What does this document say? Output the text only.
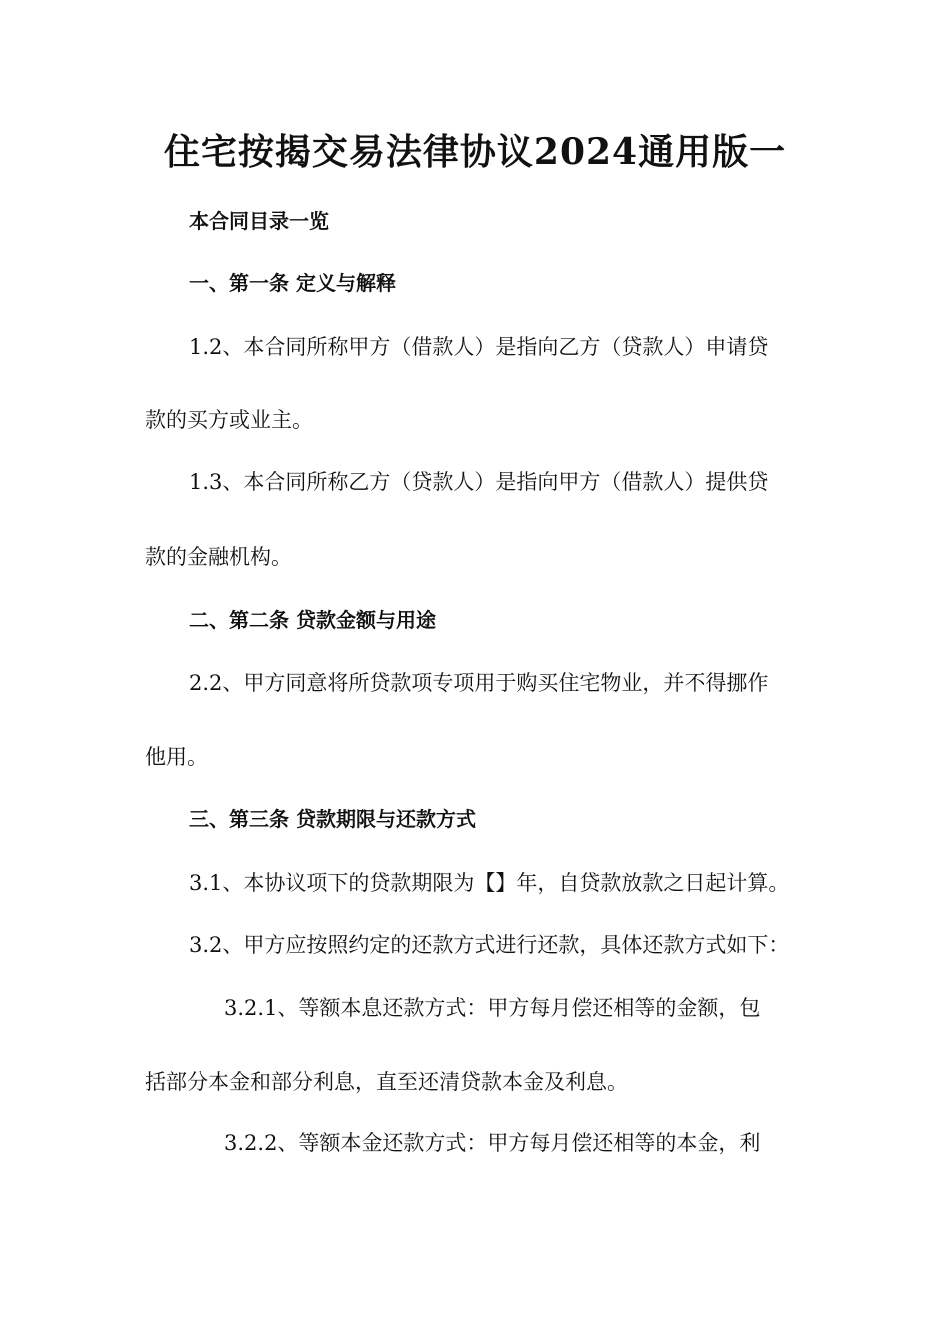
住宅按揭交易法律协议2024通用版一
本合同目录一览
一、第一条 定义与解释
1.2、本合同所称甲方（借款人）是指向乙方（贷款人）申请贷
款的买方或业主。
1.3、本合同所称乙方（贷款人）是指向甲方（借款人）提供贷
款的金融机构。
二、第二条 贷款金额与用途
2.2、甲方同意将所贷款项专项用于购买住宅物业，并不得挪作
他用。
三、第三条 贷款期限与还款方式
3.1、本协议项下的贷款期限为【】年，自贷款放款之日起计算。
3.2、甲方应按照约定的还款方式进行还款，具体还款方式如下：
3.2.1、等额本息还款方式：甲方每月偿还相等的金额，包
括部分本金和部分利息，直至还清贷款本金及利息。
3.2.2、等额本金还款方式：甲方每月偿还相等的本金，利
